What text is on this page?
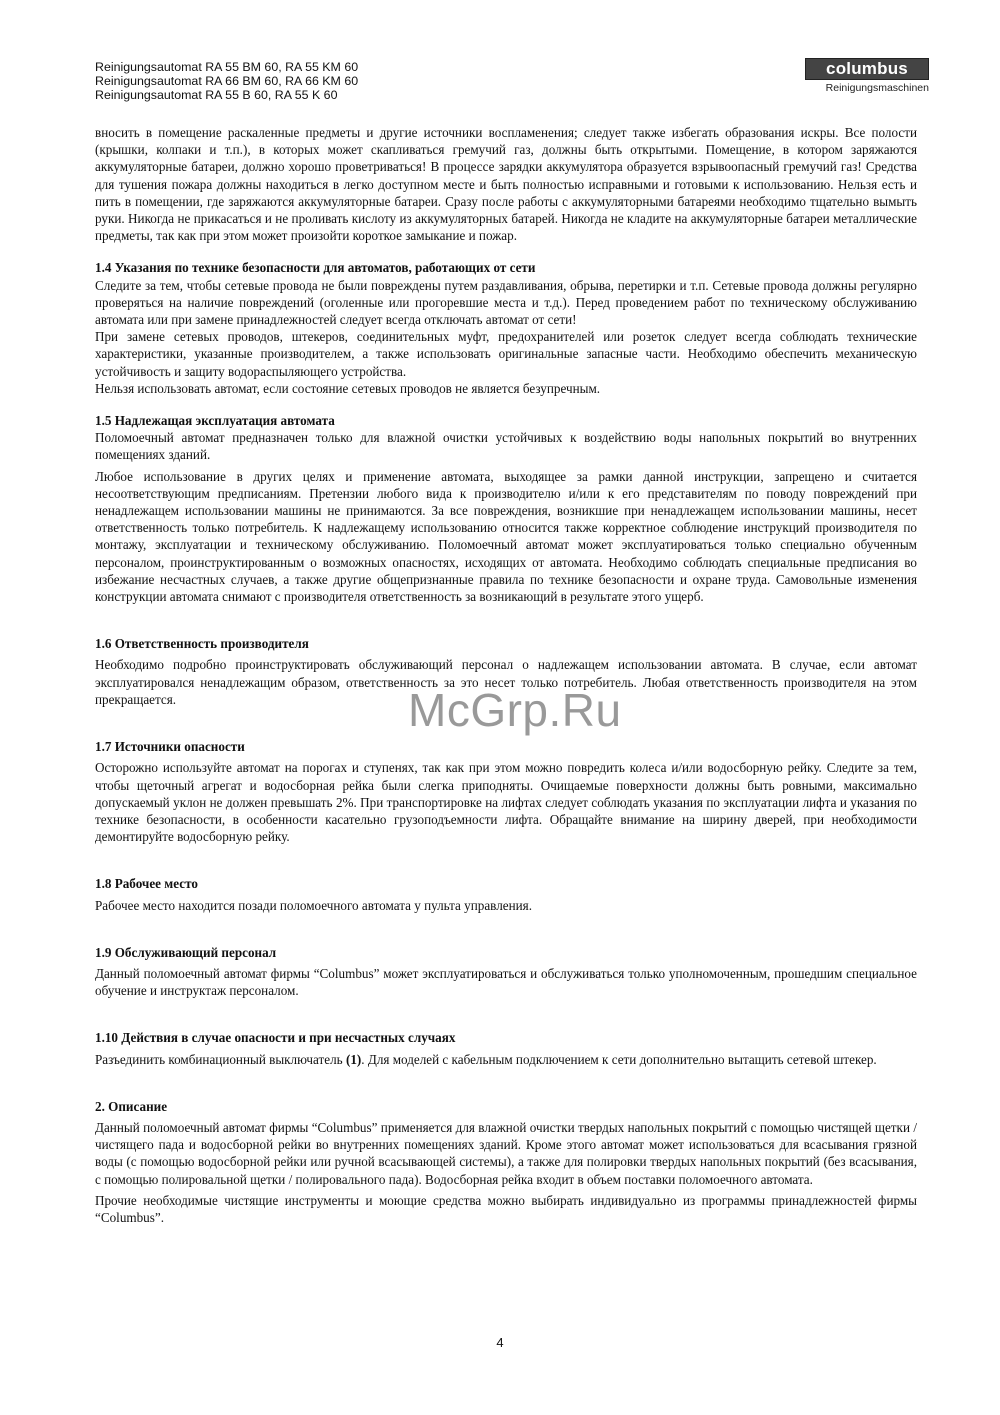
Reinigungsautomat RA 55 BM 60, RA 55 KM 60
Reinigungsautomat RA 66 BM 60, RA 66 KM 60
Reinigungsautomat RA 55 B 60, RA 55 K 60
columbus
Reinigungsmaschinen

вносить в помещение раскаленные предметы и другие источники воспламенения; следует также избегать образования искры. Все полости (крышки, колпаки и т.п.), в которых может скапливаться гремучий газ, должны быть открытыми. Помещение, в котором заряжаются аккумуляторные батареи, должно хорошо проветриваться! В процессе зарядки аккумулятора образуется взрывоопасный гремучий газ! Средства для тушения пожара должны находиться в легко доступном месте и быть полностью исправными и готовыми к использованию. Нельзя есть и пить в помещении, где заряжаются аккумуляторные батареи. Сразу после работы с аккумуляторными батареями необходимо тщательно вымыть руки. Никогда не прикасаться и не проливать кислоту из аккумуляторных батарей. Никогда не кладите на аккумуляторные батареи металлические предметы, так как при этом может произойти короткое замыкание и пожар.

1.4 Указания по технике безопасности для автоматов, работающих от сети

Следите за тем, чтобы сетевые провода не были повреждены путем раздавливания, обрыва, перетирки и т.п. Сетевые провода должны регулярно проверяться на наличие повреждений (оголенные или прогоревшие места и т.д.). Перед проведением работ по техническому обслуживанию автомата или при замене принадлежностей следует всегда отключать автомат от сети!

При замене сетевых проводов, штекеров, соединительных муфт, предохранителей или розеток следует всегда соблюдать технические характеристики, указанные производителем, а также использовать оригинальные запасные части. Необходимо обеспечить механическую устойчивость и защиту водораспыляющего устройства.

Нельзя использовать автомат, если состояние сетевых проводов не является безупречным.

1.5 Надлежащая эксплуатация автомата

Поломоечный автомат предназначен только для влажной очистки устойчивых к воздействию воды напольных покрытий во внутренних помещениях зданий.

Любое использование в других целях и применение автомата, выходящее за рамки данной инструкции, запрещено и считается несоответствующим предписаниям. Претензии любого вида к производителю и/или к его представителям по поводу повреждений при ненадлежащем использовании машины не принимаются. За все повреждения, возникшие при ненадлежащем использовании машины, несет ответственность только потребитель. К надлежащему использованию относится также корректное соблюдение инструкций производителя по монтажу, эксплуатации и техническому обслуживанию. Поломоечный автомат может эксплуатироваться только специально обученным персоналом, проинструктированным о возможных опасностях, исходящих от автомата. Необходимо соблюдать специальные предписания во избежание несчастных случаев, а также другие общепризнанные правила по технике безопасности и охране труда. Самовольные изменения конструкции автомата снимают с производителя ответственность за возникающий в результате этого ущерб.

1.6 Ответственность производителя

Необходимо подробно проинструктировать обслуживающий персонал о надлежащем использовании автомата. В случае, если автомат эксплуатировался ненадлежащим образом, ответственность за это несет только потребитель. Любая ответственность производителя на этом прекращается.

1.7 Источники опасности

Осторожно используйте автомат на порогах и ступенях, так как при этом можно повредить колеса и/или водосборную рейку. Следите за тем, чтобы щеточный агрегат и водосборная рейка были слегка приподняты. Очищаемые поверхности должны быть ровными, максимально допускаемый уклон не должен превышать 2%. При транспортировке на лифтах следует соблюдать указания по эксплуатации лифта и указания по технике безопасности, в особенности касательно грузоподъемности лифта. Обращайте внимание на ширину дверей, при необходимости демонтируйте водосборную рейку.

1.8 Рабочее место

Рабочее место находится позади поломоечного автомата у пульта управления.

1.9 Обслуживающий персонал

Данный поломоечный автомат фирмы “Columbus” может эксплуатироваться и обслуживаться только уполномоченным, прошедшим специальное обучение и инструктаж персоналом.

1.10 Действия в случае опасности и при несчастных случаях

Разъединить комбинационный выключатель (1). Для моделей с кабельным подключением к сети дополнительно вытащить сетевой штекер.

2. Описание

Данный поломоечный автомат фирмы “Columbus” применяется для влажной очистки твердых напольных покрытий с помощью чистящей щетки / чистящего пада и водосборной рейки во внутренних помещениях зданий. Кроме этого автомат может использоваться для всасывания грязной воды (с помощью водосборной рейки или ручной всасывающей системы), а также для полировки твердых напольных покрытий (без всасывания, с помощью полировальной щетки / полировального пада). Водосборная рейка входит в объем поставки поломоечного автомата.

Прочие необходимые чистящие инструменты и моющие средства можно выбирать индивидуально из программы принадлежностей фирмы “Columbus”.

McGrp.Ru
4
